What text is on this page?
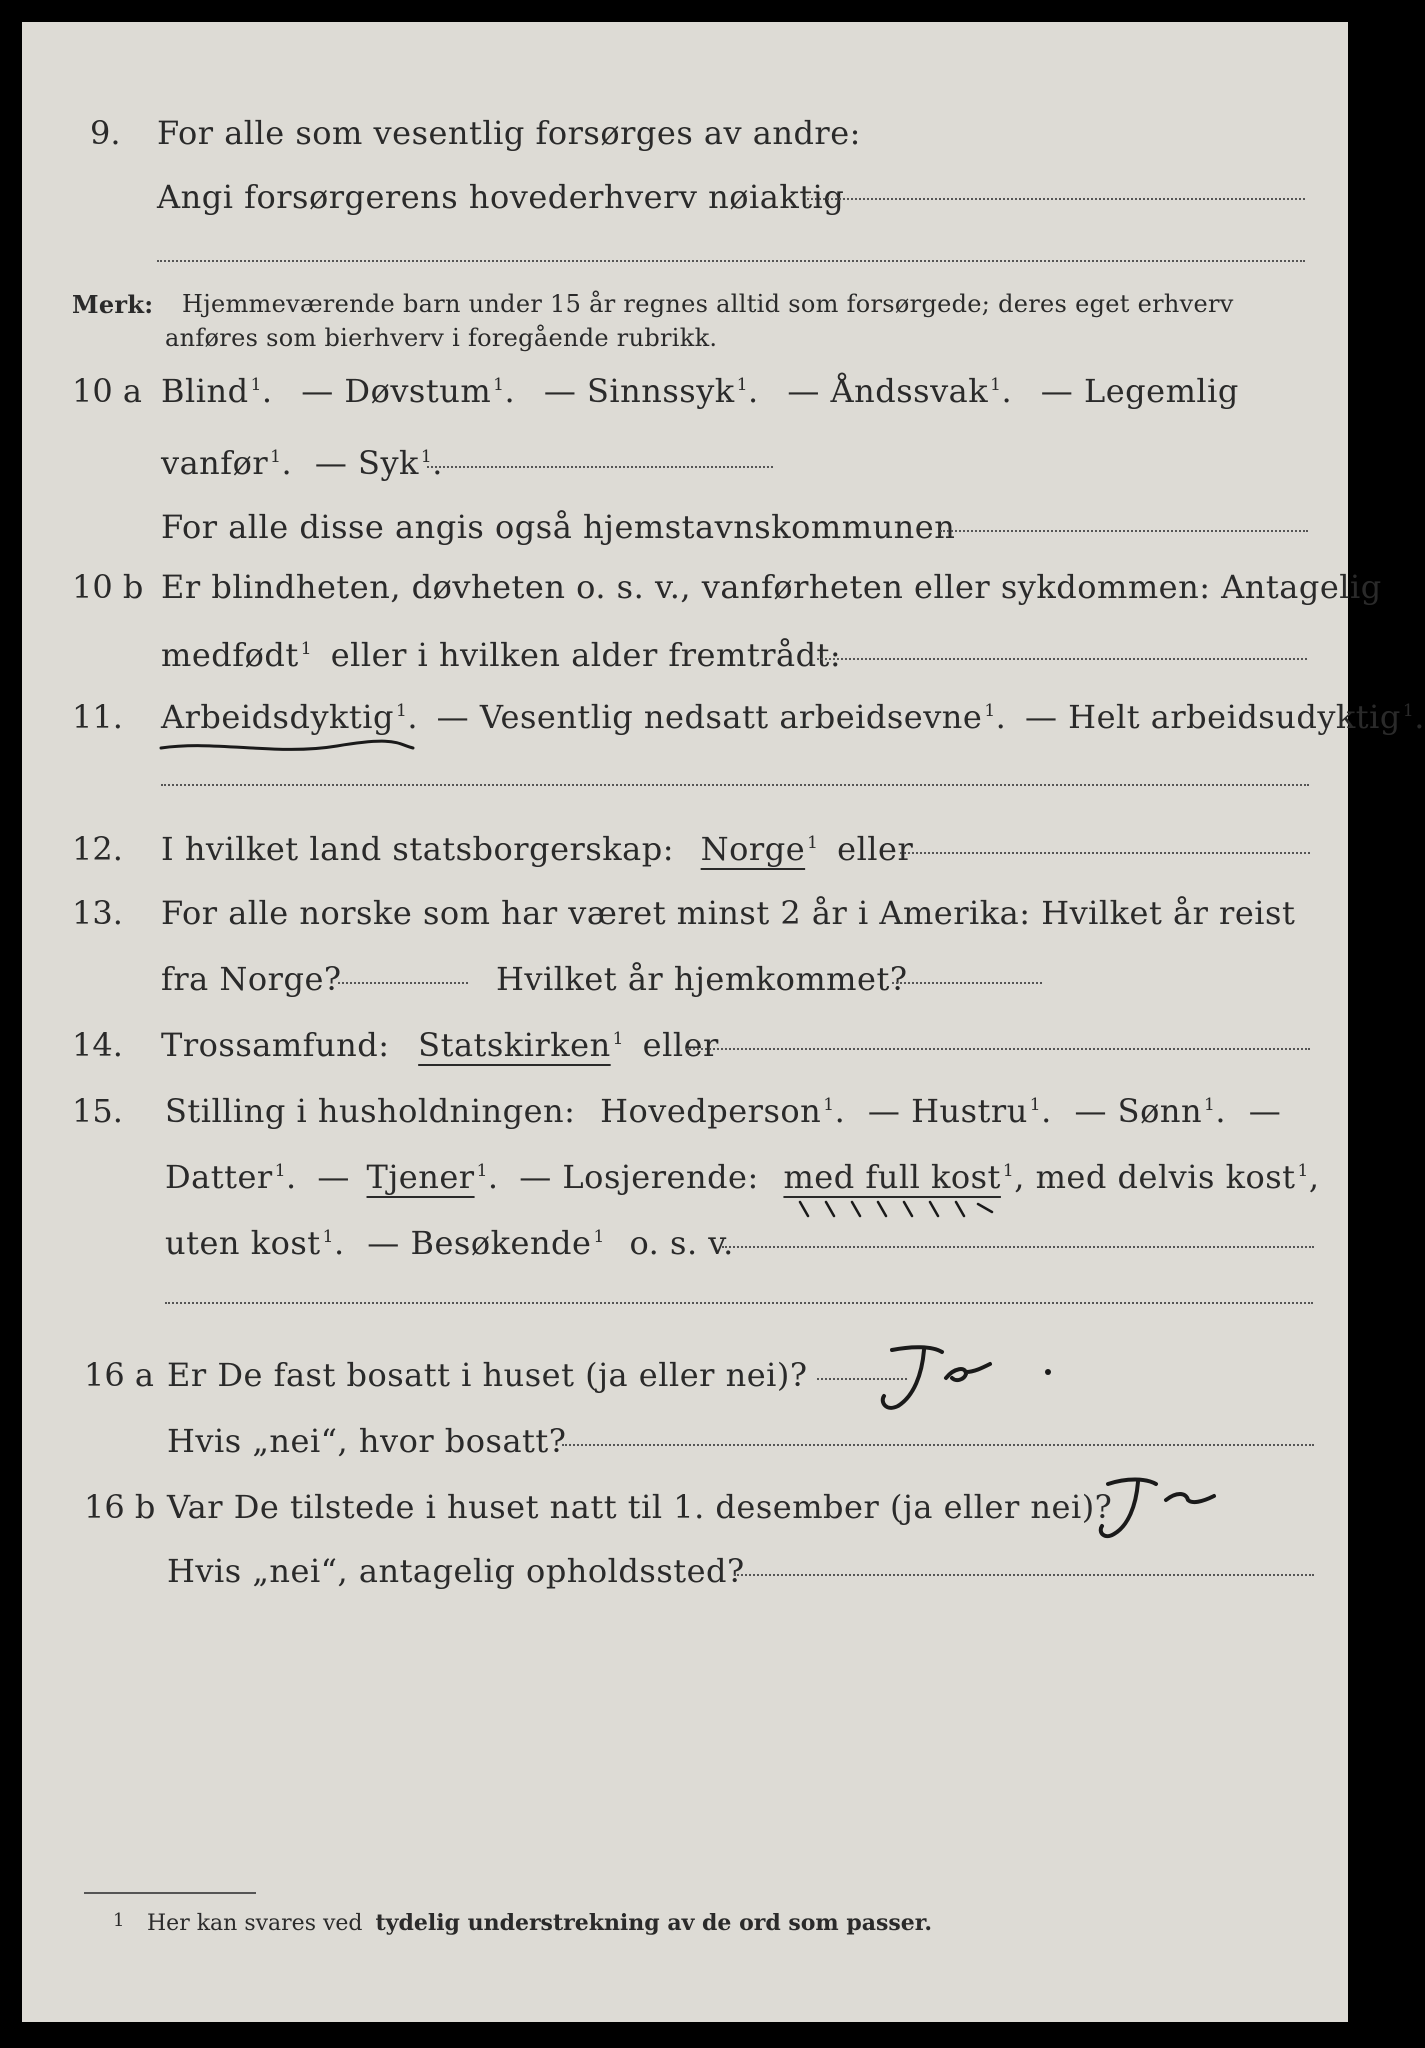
9. For alle som vesentlig forsørges av andre:
Angi forsørgerens hovederhverv nøiaktig
Merk: Hjemmeværende barn under 15 år regnes alltid som forsørgede; deres eget erhverv
anføres som bierhverv i foregående rubrikk.
10 a Blind $^1$. — Døvstum $^1$. — Sinnssyk $^1$. — Åndssvak $^1$. — Legemlig
vanfør $^1$. — Syk $^1$.
For alle disse angis også hjemstavnskommunen
10 b Er blindheten, døvheten o. s. v., vanførheten eller sykdommen: Antagelig
medfødt $^1$ eller i hvilken alder fremtrådt:
11. Arbeidsdyktig $^1$. — Vesentlig nedsatt arbeidsevne $^1$. — Helt arbeidsudyktig $^1$.
12. I hvilket land statsborgerskap: Norge $^1$ eller
13. For alle norske som har været minst 2 år i Amerika: Hvilket år reist
fra Norge?	Hvilket år hjemkommet?
14. Trossamfund: Statskirken $^1$ eller
15. Stilling i husholdningen: Hovedperson $^1$. — Hustru $^1$. — Sønn $^1$. —
Datter $^1$. — Tjener $^1$. — Losjerende: med full kost $^1$, med delvis kost $^1$,
uten kost $^1$. — Besøkende $^1$ o. s. v.
16 a Er De fast bosatt i huset (ja eller nei)?
Hvis „nei“, hvor bosatt?
16 b Var De tilstede i huset natt til 1. desember (ja eller nei)?
Hvis „nei“, antagelig opholdssted?
1 Her kan svares ved tydelig understrekning av de ord som passer.
